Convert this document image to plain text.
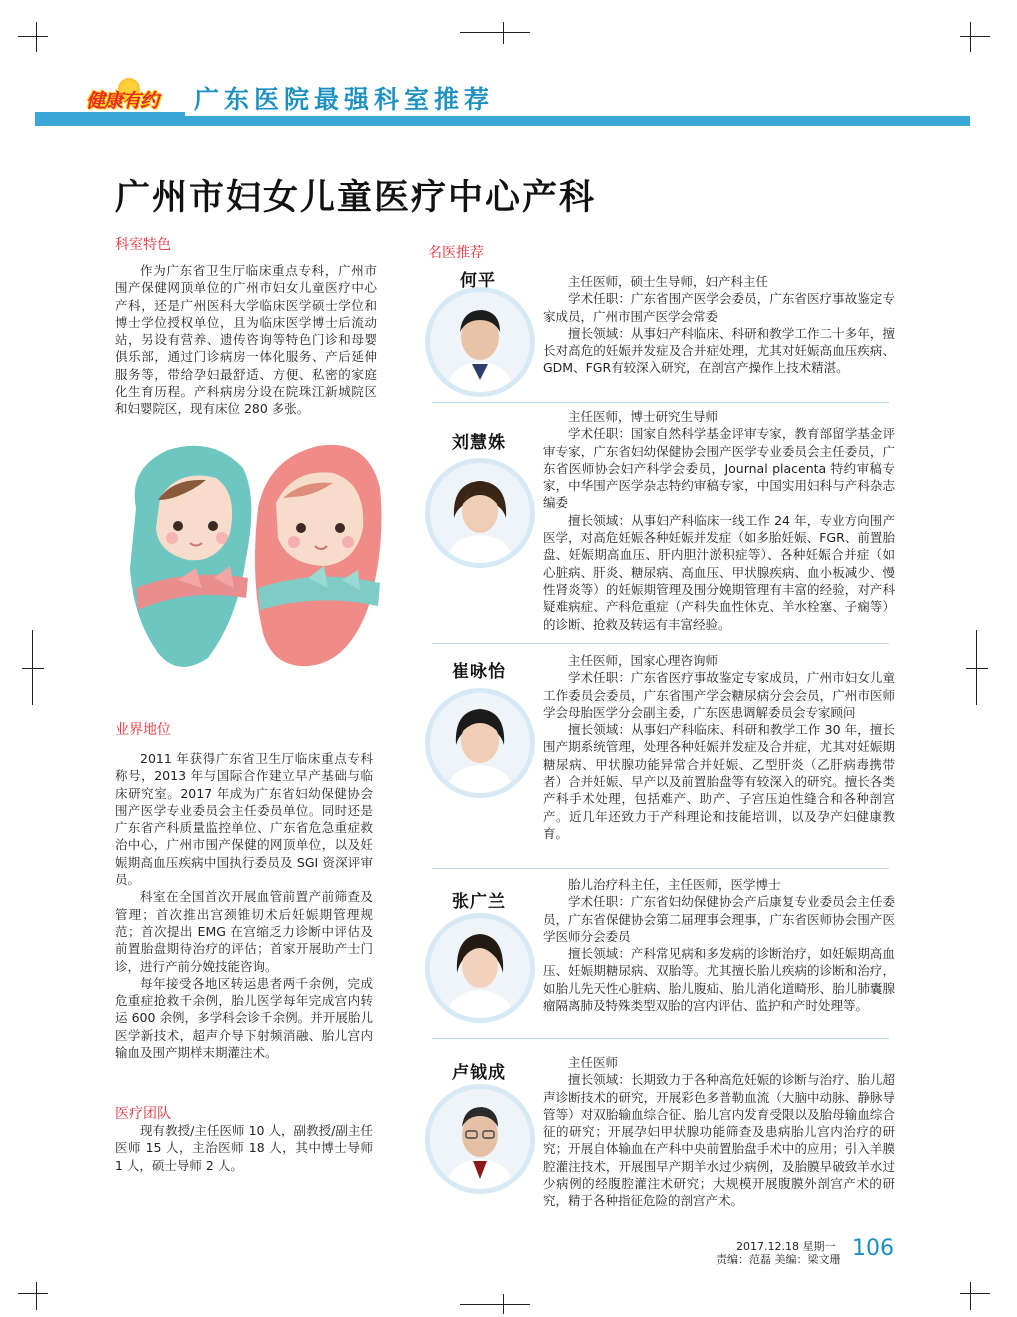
健康有约 广东医院最强科室推荐
广州市妇女儿童医疗中心产科
科室特色

作为广东省卫生厅临床重点专科，广州市围产保健网顶单位的广州市妇女儿童医疗中心产科，还是广州医科大学临床医学硕士学位和博士学位授权单位，且为临床医学博士后流动站，另设有营养、遗传咨询等特色门诊和母婴俱乐部，通过门诊病房一体化服务、产后延伸服务等，带给孕妇最舒适、方便、私密的家庭化生育历程。产科病房分设在院珠江新城院区和妇婴院区，现有床位 280 多张。

业界地位

2011 年获得广东省卫生厅临床重点专科称号，2013 年与国际合作建立早产基础与临床研究室。2017 年成为广东省妇幼保健协会围产医学专业委员会主任委员单位。同时还是广东省产科质量监控单位、广东省危急重症救治中心，广州市围产保健的网顶单位，以及妊娠期高血压疾病中国执行委员及 SGI 资深评审员。

科室在全国首次开展血管前置产前筛查及管理；首次推出宫颈锥切术后妊娠期管理规范；首次提出 EMG 在宫缩乏力诊断中评估及前置胎盘期待治疗的评估；首家开展助产士门诊，进行产前分娩技能咨询。

每年接受各地区转运患者两千余例，完成危重症抢救千余例，胎儿医学每年完成宫内转运 600 余例，多学科会诊千余例。并开展胎儿医学新技术，超声介导下射频消融、胎儿宫内输血及围产期样末期灌注术。

医疗团队

现有教授/主任医师 10 人，副教授/副主任医师 15 人，主治医师 18 人，其中博士导师 1 人，硕士导师 2 人。

名医推荐
何平	主任医师，硕士生导师，妇产科主任

学术任职：广东省围产医学会委员，广东省医疗事故鉴定专家成员，广州市围产医学会常委

擅长领域：从事妇产科临床、科研和教学工作二十多年，擅长对高危的妊娠并发症及合并症处理，尤其对妊娠高血压疾病、GDM、FGR有较深入研究，在剖宫产操作上技术精湛。

刘慧姝

主任医师，博士研究生导师

学术任职：国家自然科学基金评审专家，教育部留学基金评审专家，广东省妇幼保健协会围产医学专业委员会主任委员，广东省医师协会妇产科学会委员，Journal placenta 特约审稿专家，中华围产医学杂志特约审稿专家，中国实用妇科与产科杂志编委

擅长领域：从事妇产科临床一线工作 24 年，专业方向围产医学，对高危妊娠各种妊娠并发症（如多胎妊娠、FGR、前置胎盘、妊娠期高血压、肝内胆汁淤积症等）、各种妊娠合并症（如心脏病、肝炎、糖尿病、高血压、甲状腺疾病、血小板减少、慢性肾炎等）的妊娠期管理及围分娩期管理有丰富的经验，对产科疑难病症、产科危重症（产科失血性休克、羊水栓塞、子痫等）的诊断、抢救及转运有丰富经验。

崔咏怡

主任医师，国家心理咨询师

学术任职：广东省医疗事故鉴定专家成员，广州市妇女儿童工作委员会委员，广东省围产学会糖尿病分会会员，广州市医师学会母胎医学分会副主委，广东医患调解委员会专家顾问

擅长领域：从事妇产科临床、科研和教学工作 30 年，擅长围产期系统管理，处理各种妊娠并发症及合并症，尤其对妊娠期糖尿病、甲状腺功能异常合并妊娠、乙型肝炎（乙肝病毒携带者）合并妊娠、早产以及前置胎盘等有较深入的研究。擅长各类产科手术处理，包括难产、助产、子宫压迫性缝合和各种剖宫产。近几年还致力于产科理论和技能培训，以及孕产妇健康教育。

张广兰

胎儿治疗科主任，主任医师，医学博士

学术任职：广东省妇幼保健协会产后康复专业委员会主任委员，广东省保健协会第二届理事会理事，广东省医师协会围产医学医师分会委员

擅长领域：产科常见病和多发病的诊断治疗，如妊娠期高血压、妊娠期糖尿病、双胎等。尤其擅长胎儿疾病的诊断和治疗，如胎儿先天性心脏病、胎儿腹疝、胎儿消化道畸形、胎儿肺囊腺瘤隔离肺及特殊类型双胎的宫内评估、监护和产时处理等。

卢钺成

主任医师

擅长领域：长期致力于各种高危妊娠的诊断与治疗、胎儿超声诊断技术的研究，开展彩色多普勒血流（大脑中动脉、静脉导管等）对双胎输血综合征、胎儿宫内发育受限以及胎母输血综合征的研究；开展孕妇甲状腺功能筛查及患病胎儿宫内治疗的研究；开展自体输血在产科中央前置胎盘手术中的应用；引入羊膜腔灌注技术，开展围早产期羊水过少病例，及胎膜早破致羊水过少病例的经腹腔灌注术研究；大规模开展腹膜外剖宫产术的研究，精于各种指征危险的剖宫产术。

2017.12.18 星期一
责编：范磊 美编：梁文珊 106
